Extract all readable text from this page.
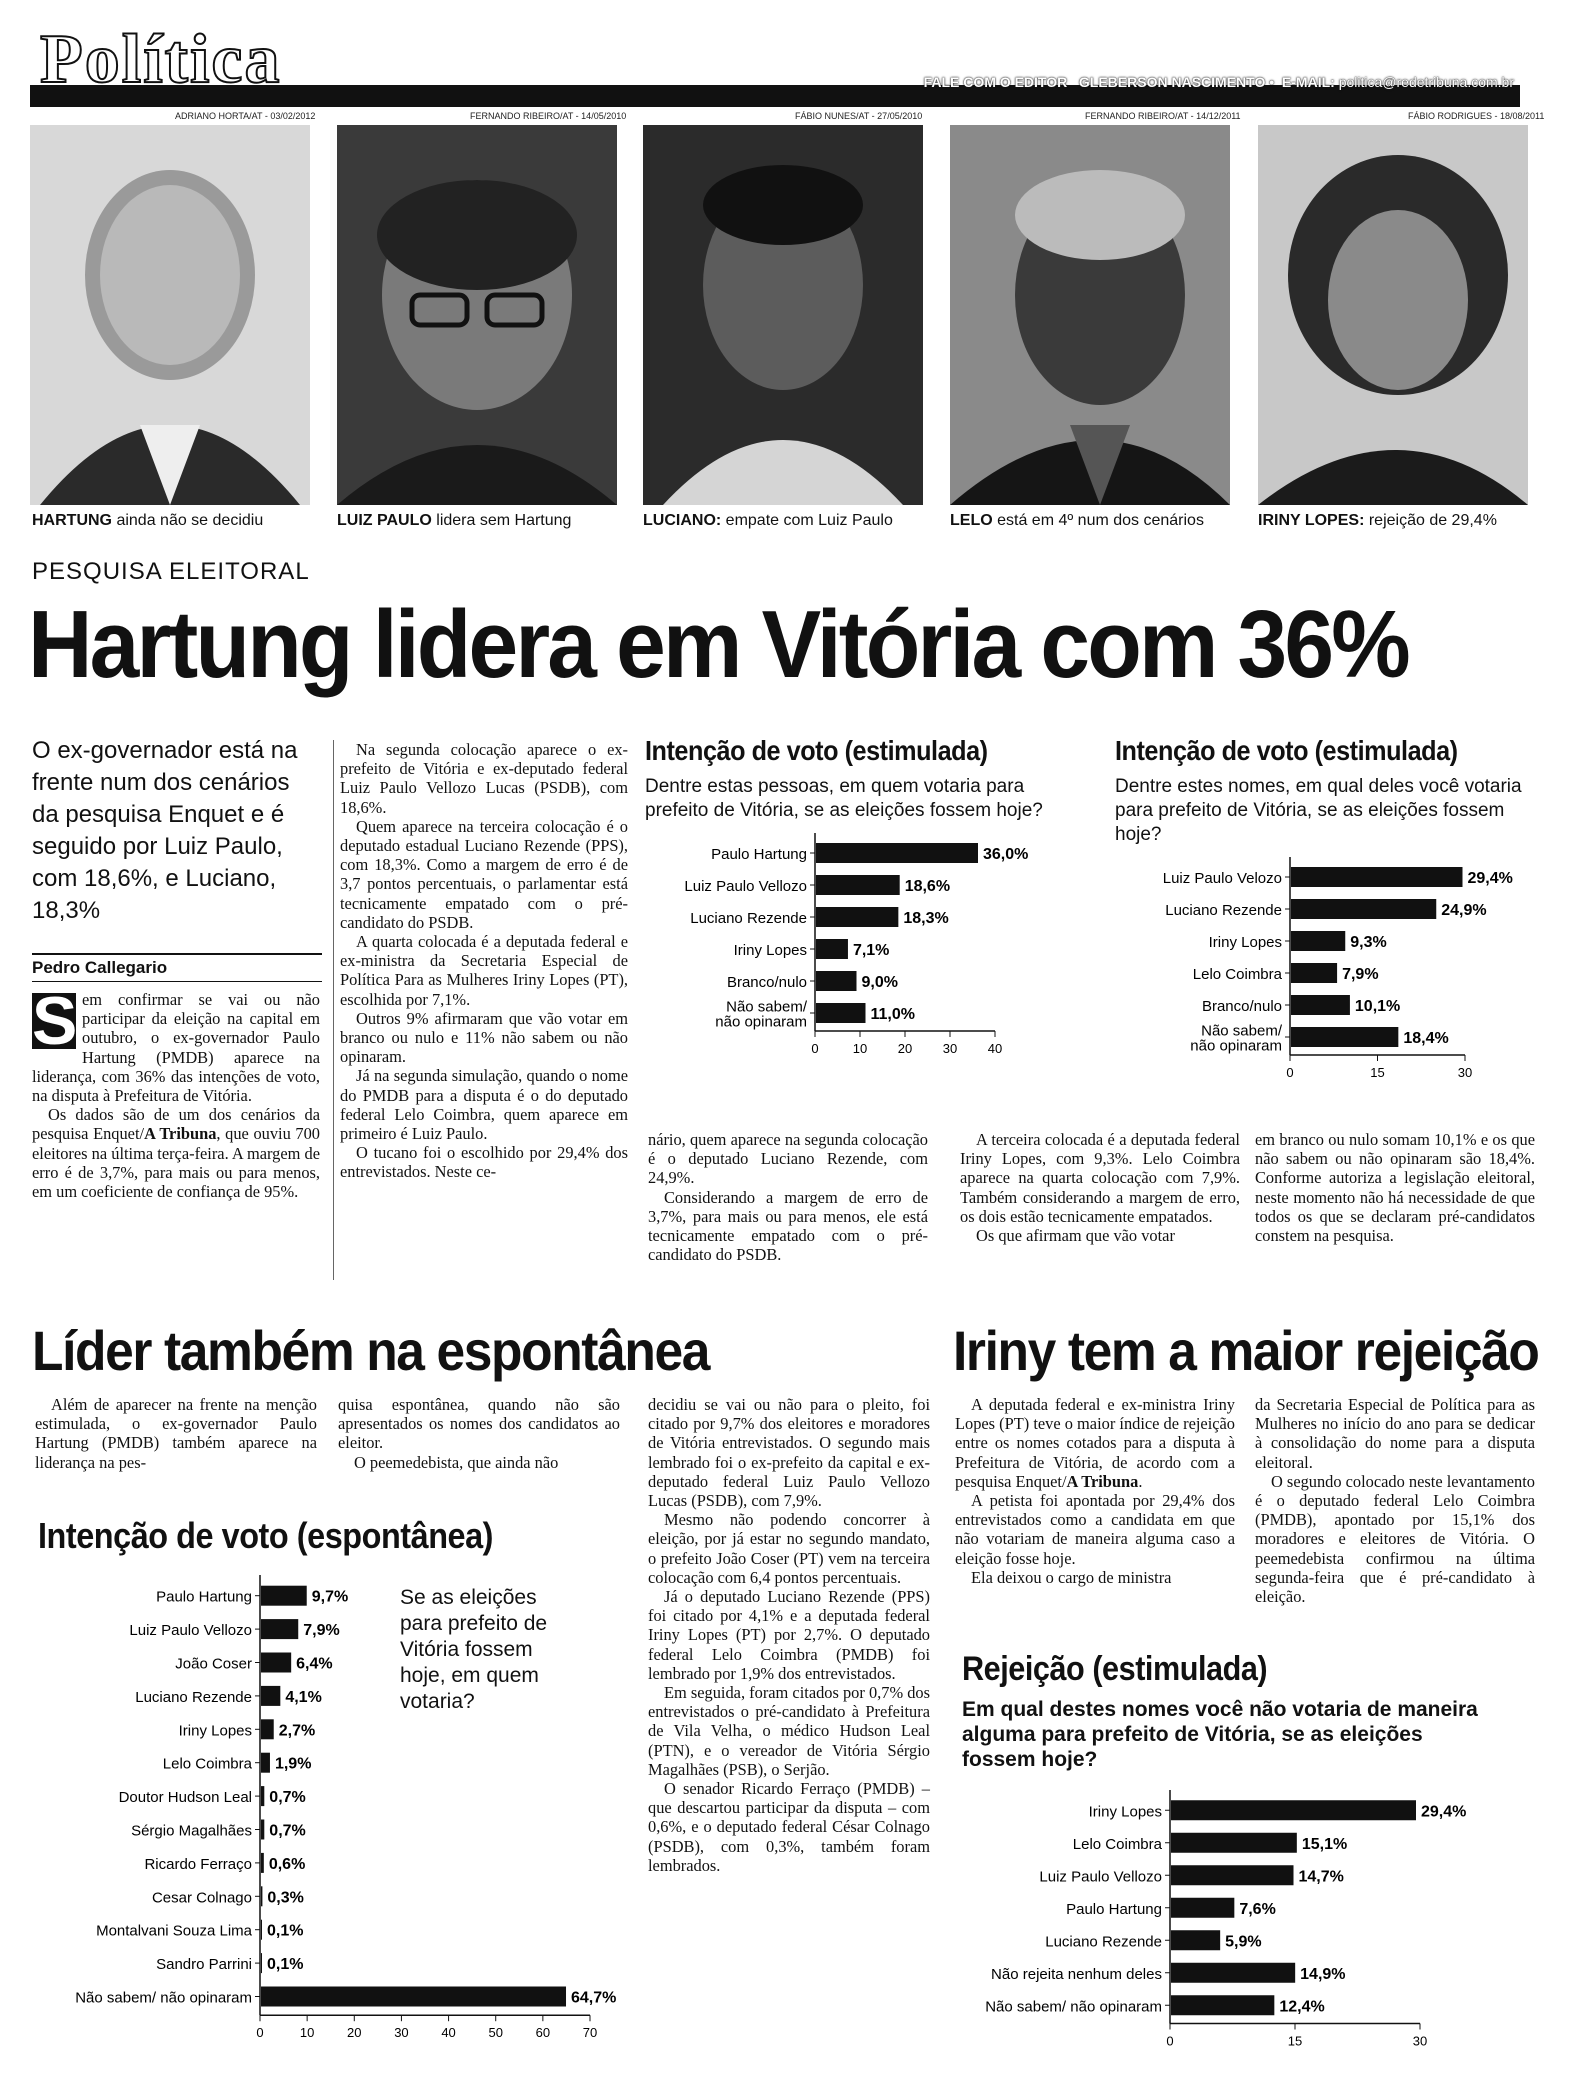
Política	FALE COM O EDITOR GLEBERSON NASCIMENTO •  E-MAIL: politica@redetribuna.com.br
ADRIANO HORTA/AT - 03/02/2012	FERNANDO RIBEIRO/AT - 14/05/2010	FÁBIO NUNES/AT - 27/05/2010	FERNANDO RIBEIRO/AT - 14/12/2011	FÁBIO RODRIGUES - 18/08/2011
HARTUNG ainda não se decidiu	LUIZ PAULO lidera sem Hartung	LUCIANO: empate com Luiz Paulo	LELO está em 4º num dos cenários	IRINY LOPES: rejeição de 29,4%
PESQUISA ELEITORAL
Hartung lidera em Vitória com 36%
O ex-governador está na frente num dos cenários da pesquisa Enquet e é seguido por Luiz Paulo, com 18,6%, e Luciano, 18,3%
Pedro Callegario

S em confirmar se vai ou não participar da eleição na capital em outubro, o ex-governador Paulo Hartung (PMDB) aparece na liderança, com 36% das intenções de voto, na disputa à Prefeitura de Vitória.

Os dados são de um dos cenários da pesquisa Enquet/A Tribuna, que ouviu 700 eleitores na última terça-feira. A margem de erro é de 3,7%, para mais ou para menos, em um coeficiente de confiança de 95%.

Na segunda colocação aparece o ex-prefeito de Vitória e ex-deputado federal Luiz Paulo Vellozo Lucas (PSDB), com 18,6%.

Quem aparece na terceira colocação é o deputado estadual Luciano Rezende (PPS), com 18,3%. Como a margem de erro é de 3,7 pontos percentuais, o parlamentar está tecnicamente empatado com o pré-candidato do PSDB.

A quarta colocada é a deputada federal e ex-ministra da Secretaria Especial de Política Para as Mulheres Iriny Lopes (PT), escolhida por 7,1%.

Outros 9% afirmaram que vão votar em branco ou nulo e 11% não sabem ou não opinaram.

Já na segunda simulação, quando o nome do PMDB para a disputa é o do deputado federal Lelo Coimbra, quem aparece em primeiro é Luiz Paulo.

O tucano foi o escolhido por 29,4% dos entrevistados. Neste ce-

Intenção de voto (estimulada)
Dentre estas pessoas, em quem votaria para prefeito de Vitória, se as eleições fossem hoje?
Paulo Hartung	36,0%
Luiz Paulo Vellozo	18,6%
Luciano Rezende	18,3%
Iriny Lopes	7,1%
Branco/nulo	9,0%
Não sabem/
não opinaram	11,0%
0	10 20 30 40
Intenção de voto (estimulada)
Dentre estes nomes, em qual deles você votaria para prefeito de Vitória, se as eleições fossem hoje?
Luiz Paulo Velozo	29,4%
Luciano Rezende	24,9%
Iriny Lopes	9,3%
Lelo Coimbra	7,9%
Branco/nulo	10,1%
Não sabem/
não opinaram	18,4%
0	15	30

nário, quem aparece na segunda colocação é o deputado Luciano Rezende, com 24,9%.

Considerando a margem de erro de 3,7%, para mais ou para menos, ele está tecnicamente empatado com o pré-candidato do PSDB.

A terceira colocada é a deputada federal Iriny Lopes, com 9,3%. Lelo Coimbra aparece na quarta colocação com 7,9%. Também considerando a margem de erro, os dois estão tecnicamente empatados.

Os que afirmam que vão votar

em branco ou nulo somam 10,1% e os que não sabem ou não opinaram são 18,4%. Conforme autoriza a legislação eleitoral, neste momento não há necessidade de que todos os que se declaram pré-candidatos constem na pesquisa.

Líder também na espontânea

Além de aparecer na frente na menção estimulada, o ex-governador Paulo Hartung (PMDB) também aparece na liderança na pes-

quisa espontânea, quando não são apresentados os nomes dos candidatos ao eleitor.

O peemedebista, que ainda não

decidiu se vai ou não para o pleito, foi citado por 9,7% dos eleitores e moradores de Vitória entrevistados. O segundo mais lembrado foi o ex-prefeito da capital e ex-deputado federal Luiz Paulo Vellozo Lucas (PSDB), com 7,9%.

Mesmo não podendo concorrer à eleição, por já estar no segundo mandato, o prefeito João Coser (PT) vem na terceira colocação com 6,4 pontos percentuais.

Já o deputado Luciano Rezende (PPS) foi citado por 4,1% e a deputada federal Iriny Lopes (PT) por 2,7%. O deputado federal Lelo Coimbra (PMDB) foi lembrado por 1,9% dos entrevistados.

Em seguida, foram citados por 0,7% dos entrevistados o pré-candidato à Prefeitura de Vila Velha, o médico Hudson Leal (PTN), e o vereador de Vitória Sérgio Magalhães (PSB), o Serjão.

O senador Ricardo Ferraço (PMDB) – que descartou participar da disputa – com 0,6%, e o deputado federal César Colnago (PSDB), com 0,3%, também foram lembrados.

Intenção de voto (espontânea)
Se as eleições para prefeito de Vitória fossem hoje, em quem votaria?
Paulo Hartung	9,7%
Luiz Paulo Vellozo	7,9%
João Coser	6,4%
Luciano Rezende 4,1%
Iriny Lopes 2,7%
Lelo Coimbra 1,9%
Doutor Hudson Leal 0,7%
Sérgio Magalhães 0,7%
Ricardo Ferraço 0,6%
Cesar Colnago 0,3%
Montalvani Souza Lima 0,1%
Sandro Parrini 0,1%
Não sabem/ não opinaram	64,7%
0	10	20	30	40	50	60	70
Iriny tem a maior rejeição

A deputada federal e ex-ministra Iriny Lopes (PT) teve o maior índice de rejeição entre os nomes cotados para a disputa à Prefeitura de Vitória, de acordo com a pesquisa Enquet/A Tribuna.

A petista foi apontada por 29,4% dos entrevistados como a candidata em que não votariam de maneira alguma caso a eleição fosse hoje.

Ela deixou o cargo de ministra

da Secretaria Especial de Política para as Mulheres no início do ano para se dedicar à consolidação do nome para a disputa eleitoral.

O segundo colocado neste levantamento é o deputado federal Lelo Coimbra (PMDB), apontado por 15,1% dos moradores e eleitores de Vitória. O peemedebista confirmou na última segunda-feira que é pré-candidato à eleição.

Rejeição (estimulada)
Em qual destes nomes você não votaria de maneira alguma para prefeito de Vitória, se as eleições fossem hoje?
Iriny Lopes	29,4%
Lelo Coimbra	15,1%
Luiz Paulo Vellozo	14,7%
Paulo Hartung	7,6%
Luciano Rezende	5,9%
Não rejeita nenhum deles	14,9%
Não sabem/ não opinaram	12,4%
0	15	30
